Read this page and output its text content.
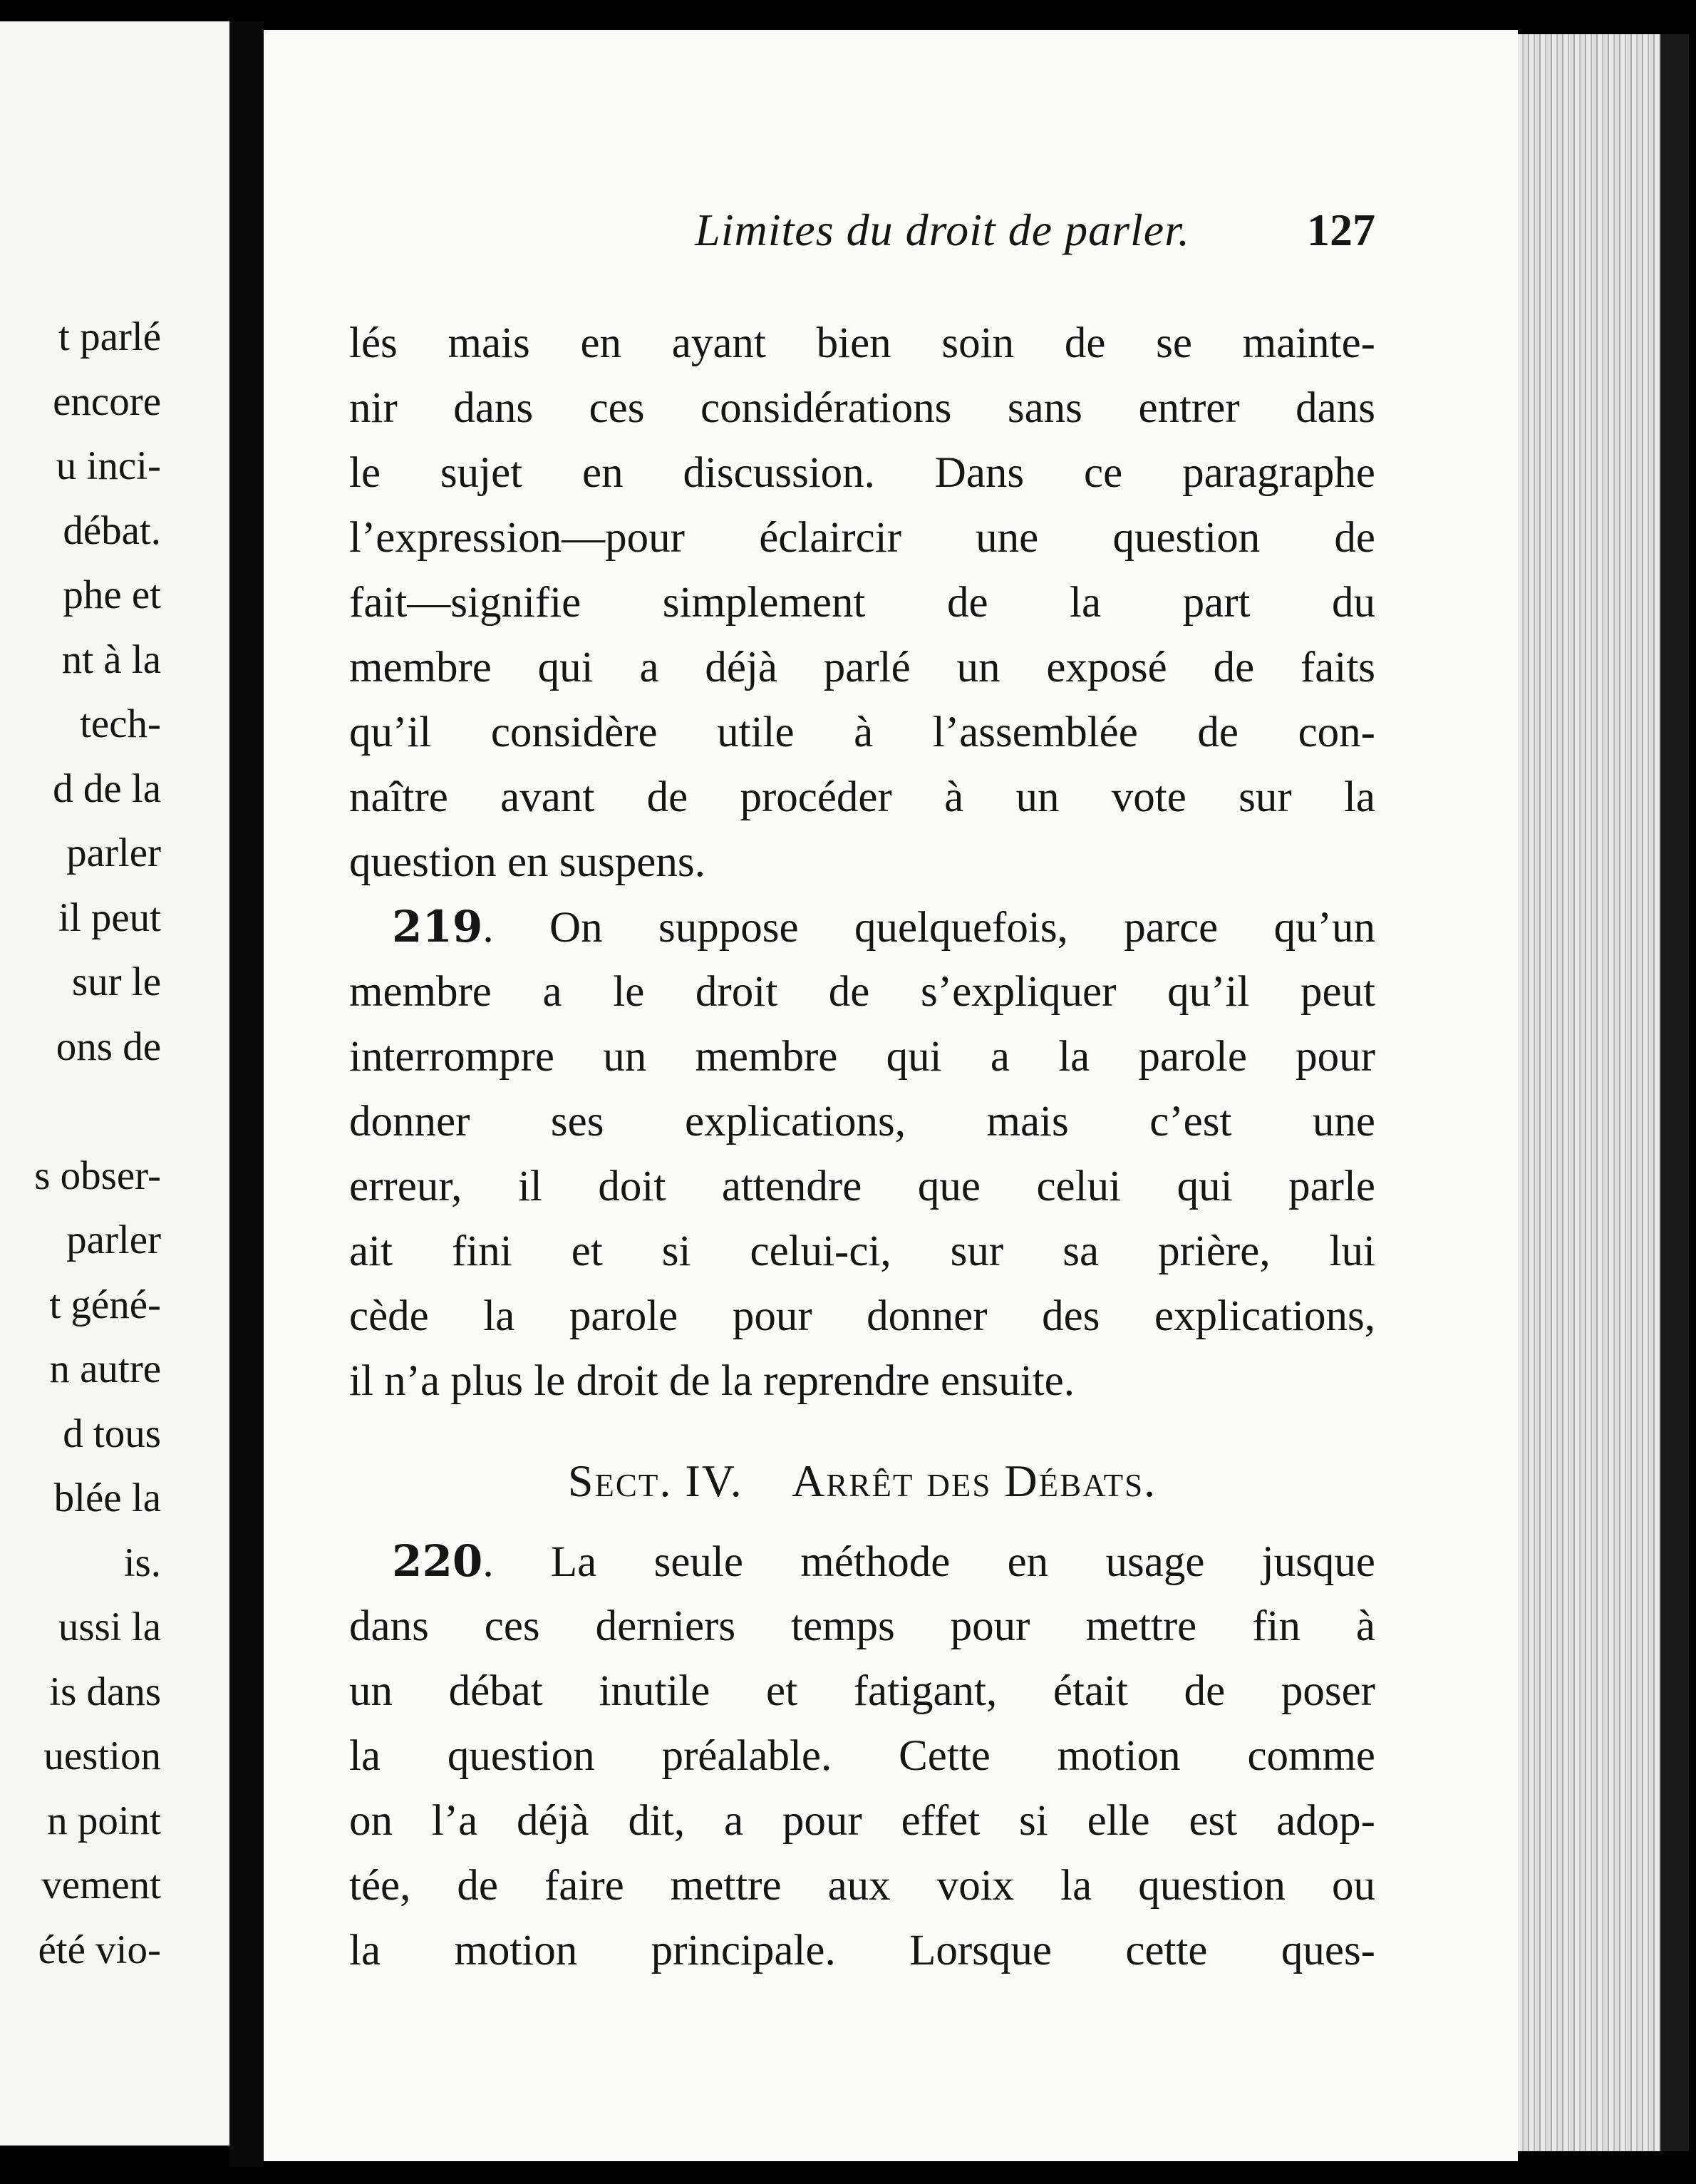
t parlé
encore
u inci-
débat.
phe et
nt à la
tech-
d de la
parler
il peut
sur le
ons de
s obser-
parler
t géné-
n autre
d tous
blée la
is.
ussi la
is dans
uestion
n point
vement
été vio-
Limites du droit de parler.	127
lés mais en ayant bien soin de se mainte-
nir dans ces considérations sans entrer dans
le sujet en discussion. Dans ce paragraphe
l’expression—pour éclaircir une question de
fait—signifie simplement de la part du
membre qui a déjà parlé un exposé de faits
qu’il considère utile à l’assemblée de con-
naître avant de procéder à un vote sur la
question en suspens.
219. On suppose quelquefois, parce qu’un
membre a le droit de s’expliquer qu’il peut
interrompre un membre qui a la parole pour
donner ses explications, mais c’est une
erreur, il doit attendre que celui qui parle
ait fini et si celui-ci, sur sa prière, lui
cède la parole pour donner des explications,
il n’a plus le droit de la reprendre ensuite.
Sect. IV. Arrêt des Débats.
220. La seule méthode en usage jusque
dans ces derniers temps pour mettre fin à
un débat inutile et fatigant, était de poser
la question préalable. Cette motion comme
on l’a déjà dit, a pour effet si elle est adop-
tée, de faire mettre aux voix la question ou
la motion principale. Lorsque cette ques-
